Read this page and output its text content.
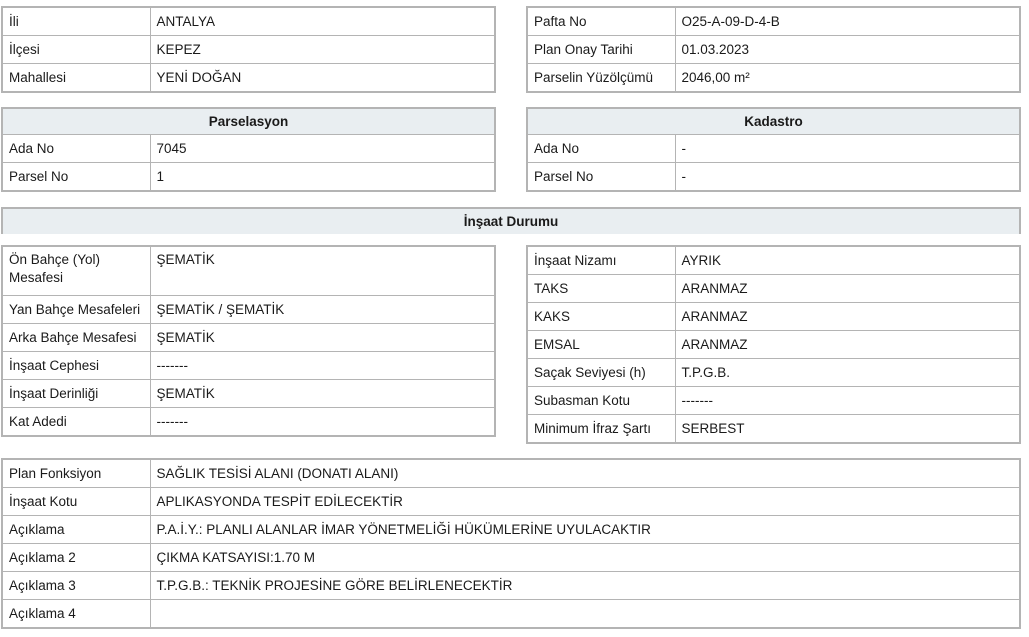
İli	ANTALYA
İlçesi	KEPEZ
Mahallesi	YENİ DOĞAN
Pafta No	O25-A-09-D-4-B
Plan Onay Tarihi	01.03.2023
Parselin Yüzölçümü	2046,00 m²
Parselasyon
Ada No	7045
Parsel No	1
Kadastro
Ada No	-
Parsel No	-
İnşaat Durumu
Ön Bahçe (Yol) Mesafesi	ŞEMATİK
Yan Bahçe Mesafeleri	ŞEMATİK / ŞEMATİK
Arka Bahçe Mesafesi	ŞEMATİK
İnşaat Cephesi	-------
İnşaat Derinliği	ŞEMATİK
Kat Adedi	-------
İnşaat Nizamı	AYRIK
TAKS	ARANMAZ
KAKS	ARANMAZ
EMSAL	ARANMAZ
Saçak Seviyesi (h)	T.P.G.B.
Subasman Kotu	-------
Minimum İfraz Şartı	SERBEST
Plan Fonksiyon	SAĞLIK TESİSİ ALANI (DONATI ALANI)
İnşaat Kotu	APLIKASYONDA TESPİT EDİLECEKTİR
Açıklama	P.A.İ.Y.: PLANLI ALANLAR İMAR YÖNETMELİĞİ HÜKÜMLERİNE UYULACAKTIR
Açıklama 2	ÇIKMA KATSAYISI:1.70 M
Açıklama 3	T.P.G.B.: TEKNİK PROJESİNE GÖRE BELİRLENECEKTİR
Açıklama 4	
